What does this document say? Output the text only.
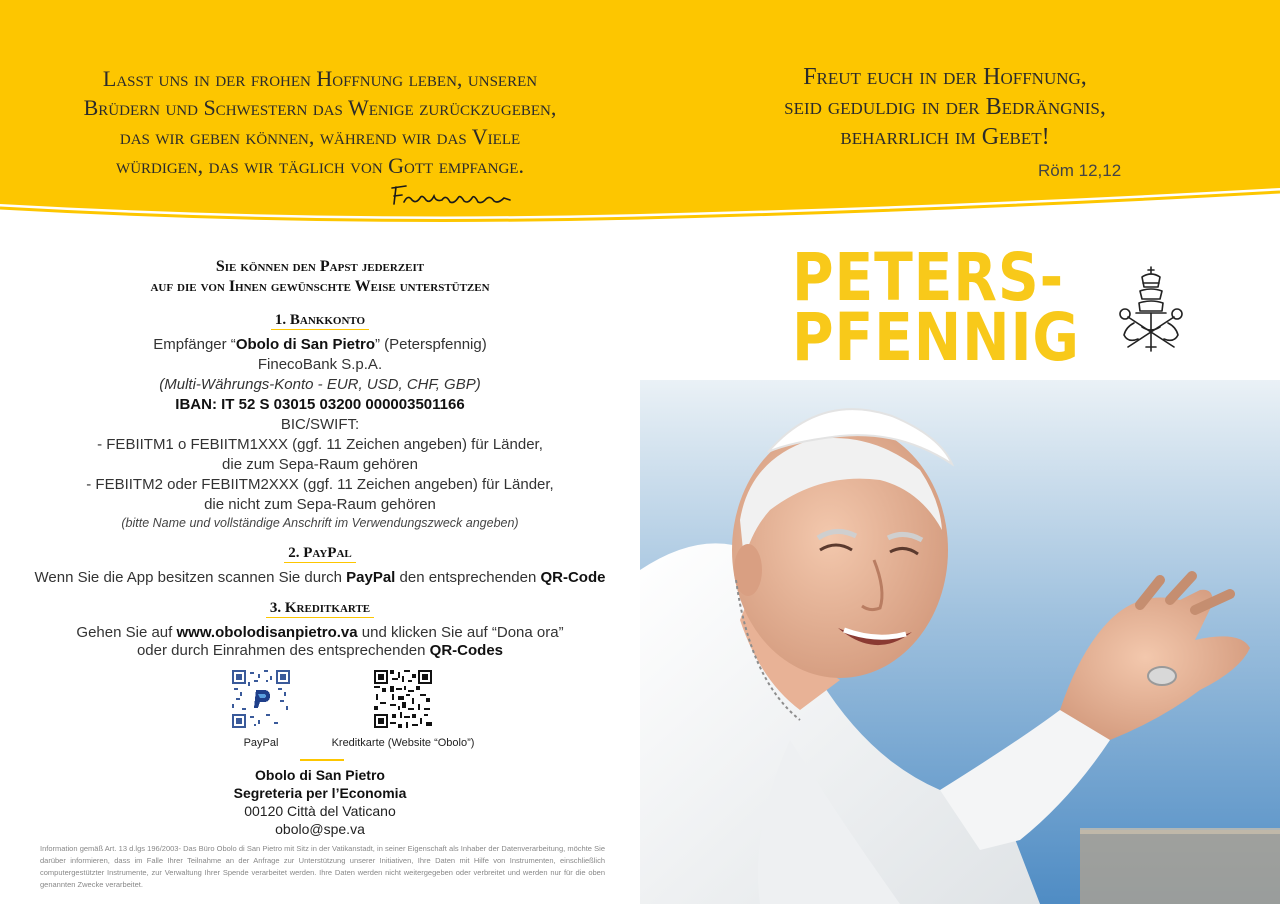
Lasst uns in der frohen Hoffnung leben, unseren
Brüdern und Schwestern das Wenige zurückzugeben,
das wir geben können, während wir das Viele
würdigen, das wir täglich von Gott empfange.
Freut euch in der Hoffnung,
seid geduldig in der Bedrängnis,
beharrlich im Gebet!
Röm 12,12
Sie können den Papst jederzeit
auf die von Ihnen gewünschte Weise unterstützen
1. Bankkonto
Empfänger “Obolo di San Pietro” (Peterspfennig)
FinecoBank S.p.A.
(Multi-Währungs-Konto - EUR, USD, CHF, GBP)
IBAN: IT 52 S 03015 03200 000003501166
BIC/SWIFT:
- FEBIITM1 o FEBIITM1XXX (ggf. 11 Zeichen angeben) für Länder,
die zum Sepa-Raum gehören
- FEBIITM2 oder FEBIITM2XXX (ggf. 11 Zeichen angeben) für Länder,
die nicht zum Sepa-Raum gehören
(bitte Name und vollständige Anschrift im Verwendungszweck angeben)
2. PayPal
Wenn Sie die App besitzen scannen Sie durch PayPal den entsprechenden QR-Code
3. Kreditkarte
Gehen Sie auf www.obolodisanpietro.va und klicken Sie auf “Dona ora”
oder durch Einrahmen des entsprechenden QR-Codes
PayPal	Kreditkarte (Website “Obolo”)
Obolo di San Pietro
Segreteria per l’Economia
00120 Città del Vaticano
obolo@spe.va
Information gemäß Art. 13 d.lgs 196/2003- Das Büro Obolo di San Pietro mit Sitz in der Vatikanstadt, in seiner Eigenschaft als Inhaber der Datenverarbeitung, möchte Sie darüber informieren, dass im Falle Ihrer Teilnahme an der Anfrage zur Unterstützung unserer Initiativen, Ihre Daten mit Hilfe von Instrumenten, einschließlich computergestützter Instrumente, zur Verwaltung Ihrer Spende verarbeitet werden. Ihre Daten werden nicht weitergegeben oder verbreitet und werden nur für die oben genannten Zwecke verarbeitet.
PETERS-
PFENNIG
